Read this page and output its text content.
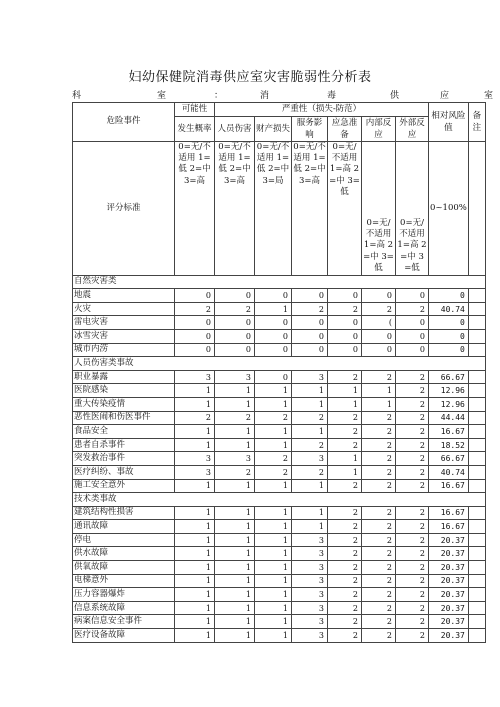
妇幼保健院消毒供应室灾害脆弱性分析表
科	室	：	消	毒	供	应	室
危险事件	可能性	严重性（损失-防范）						相对风险值	备注
	发生概率	人员伤害	财产损失	服务影响	应急准备	内部反应	外部反应		
评分标准	0=无/不适用 1=低 2=中 3=高	0=无/不适用 1=低 2=中 3=高	0=无/不适用 1=低 2=中 3=局	0=无/不适用 1=低 2=中 3=高	0=无/不适用 1=高 2=中 3=低	0=无/不适用 1=高 2=中 3=低	0=无/不适用 1=高 2=中 3=低	0~100%	
自然灾害类									
地震	0	0	0	0	0	0	0	0	
火灾	2	2	1	2	2	2	2	40.74	
雷电灾害	0	0	0	0	0	(	0	0	
冰雪灾害	0	0	0	0	0	0	0	0	
城市内涝	0	0	0	0	0	0	0	0	
人员伤害类事故									
职业暴露	3	3	0	3	2	2	2	66.67	
医院感染	1	1	1	1	1	1	2	12.96	
重大传染疫情	1	1	1	1	1	1	2	12.96	
恶性医闹和伤医事件	2	2	2	2	2	2	2	44.44	
食品安全	1	1	1	1	2	2	2	16.67	
患者自杀事件	1	1	1	2	2	2	2	18.52	
突发救治事件	3	3	2	3	1	2	2	66.67	
医疗纠纷、事故	3	2	2	2	1	2	2	40.74	
施工安全意外	1	1	1	1	2	2	2	16.67	
技术类事故									
建筑结构性损害	1	1	1	1	2	2	2	16.67	
通讯故障	1	1	1	1	2	2	2	16.67	
停电	1	1	1	3	2	2	2	20.37	
供水故障	1	1	1	3	2	2	2	20.37	
供氧故障	1	1	1	3	2	2	2	20.37	
电梯意外	1	1	1	3	2	2	2	20.37	
压力容器爆炸	1	1	1	3	2	2	2	20.37	
信息系统故障	1	1	1	3	2	2	2	20.37	
病案信息安全事件	1	1	1	3	2	2	2	20.37	
医疗设备故障	1	1	1	3	2	2	2	20.37	
